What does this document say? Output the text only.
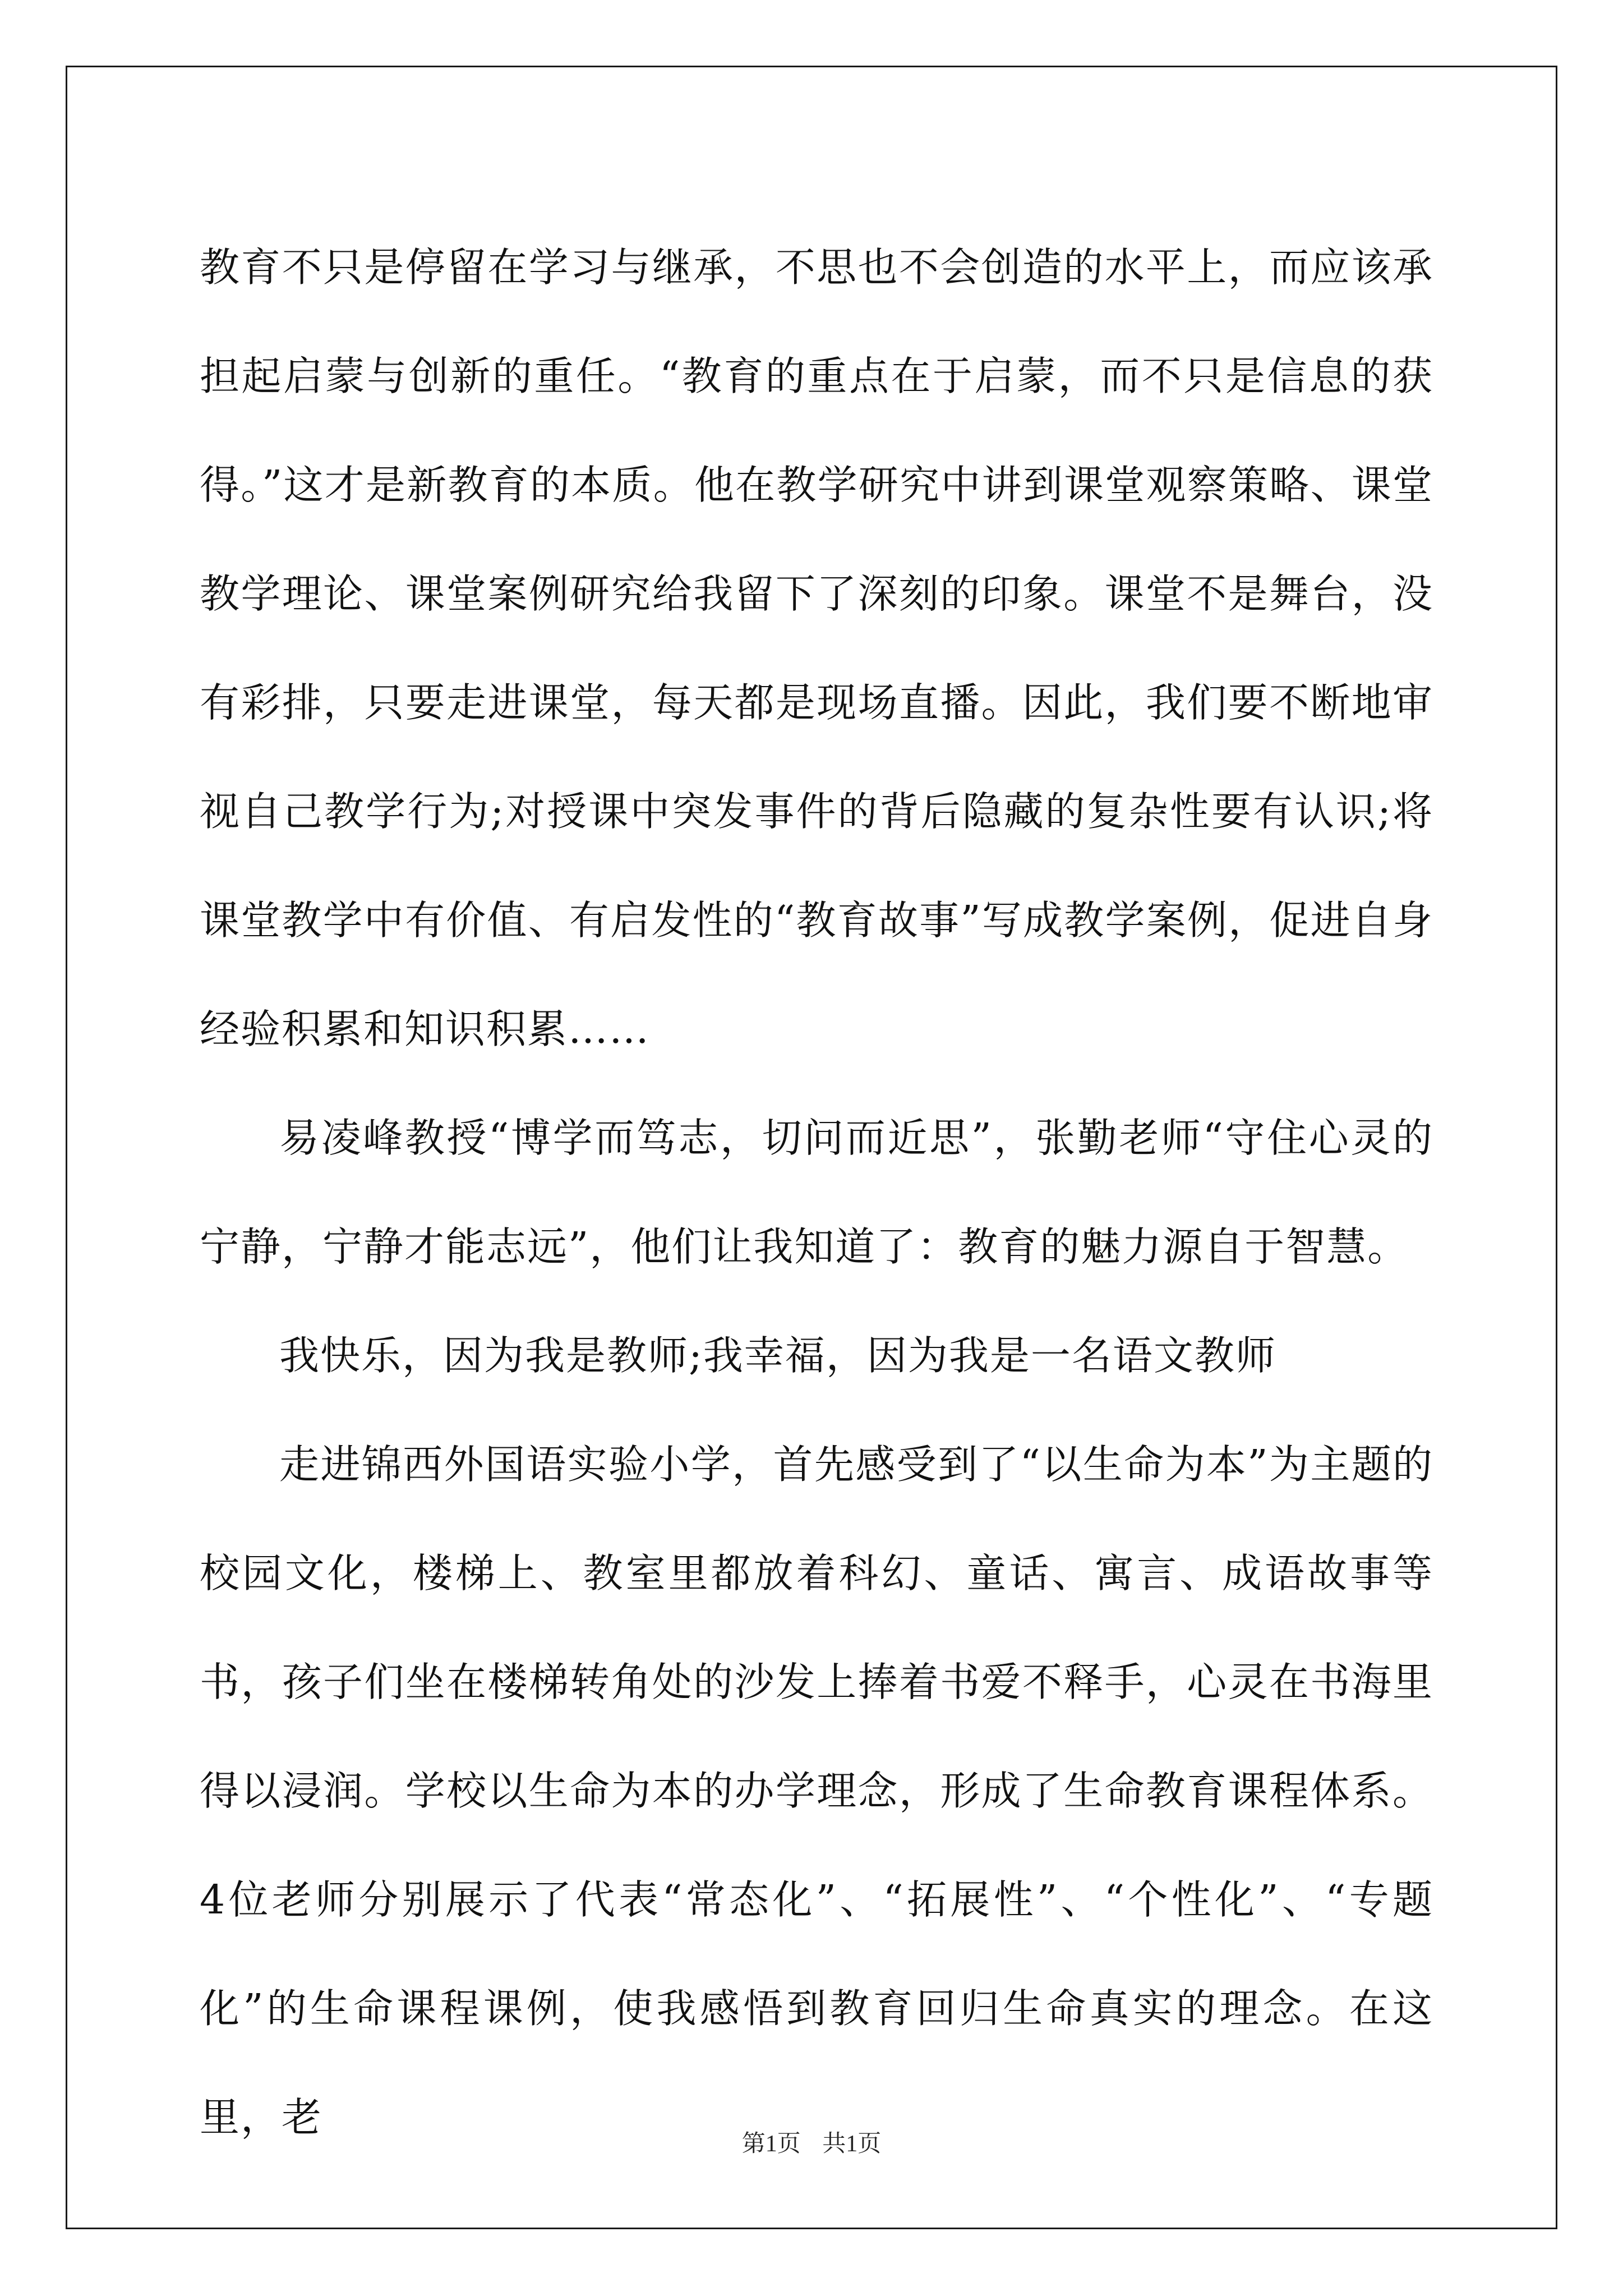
教育不只是停留在学习与继承，不思也不会创造的水平上，而应该承担起启蒙与创新的重任。“教育的重点在于启蒙，而不只是信息的获得。”这才是新教育的本质。他在教学研究中讲到课堂观察策略、课堂教学理论、课堂案例研究给我留下了深刻的印象。课堂不是舞台，没有彩排，只要走进课堂，每天都是现场直播。因此，我们要不断地审视自己教学行为;对授课中突发事件的背后隐藏的复杂性要有认识;将课堂教学中有价值、有启发性的“教育故事”写成教学案例，促进自身经验积累和知识积累……

易凌峰教授“博学而笃志，切问而近思”，张勤老师“守住心灵的宁静，宁静才能志远”，他们让我知道了：教育的魅力源自于智慧。

我快乐，因为我是教师;我幸福，因为我是一名语文教师

走进锦西外国语实验小学，首先感受到了“以生命为本”为主题的校园文化，楼梯上、教室里都放着科幻、童话、寓言、成语故事等书，孩子们坐在楼梯转角处的沙发上捧着书爱不释手，心灵在书海里得以浸润。学校以生命为本的办学理念，形成了生命教育课程体系。4位老师分别展示了代表“常态化”、“拓展性”、“个性化”、“专题化”的生命课程课例，使我感悟到教育回归生命真实的理念。在这里，老

第1页 共1页
